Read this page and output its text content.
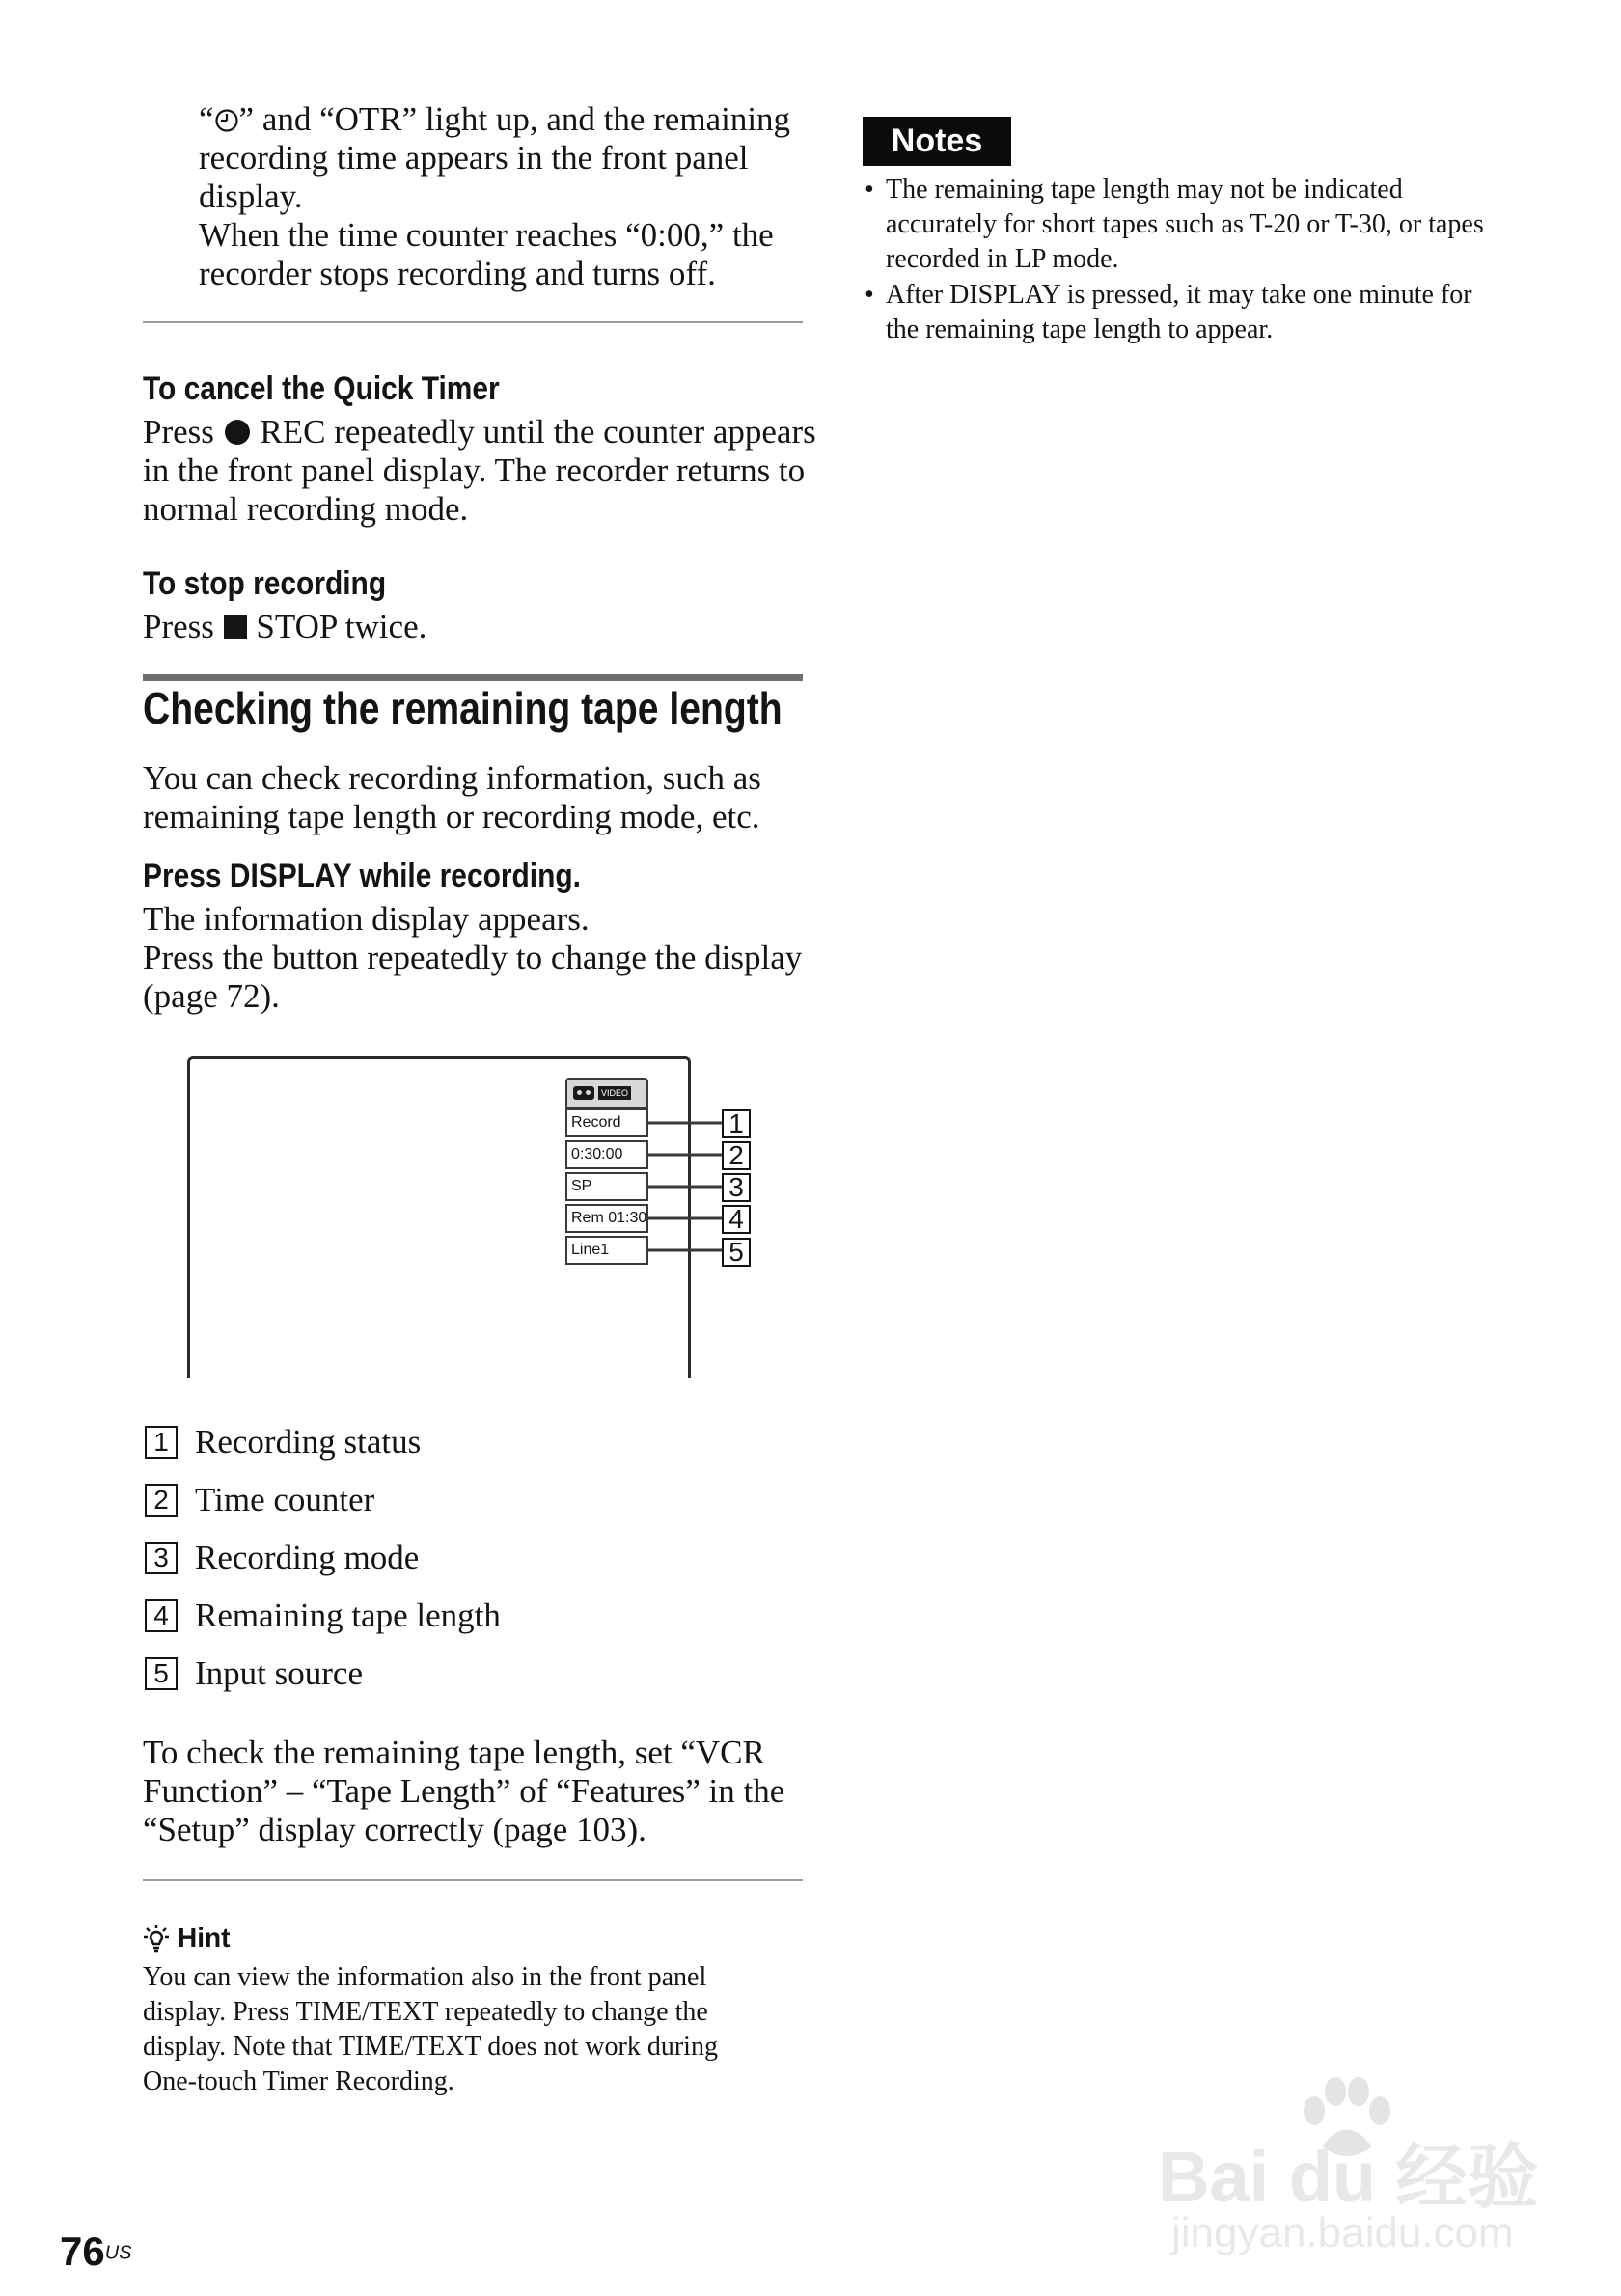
“ ” and “OTR” light up, and the remaining
recording time appears in the front panel
display.
When the time counter reaches “0:00,” the
recorder stops recording and turns off.
To cancel the Quick Timer
Press REC repeatedly until the counter appears
in the front panel display. The recorder returns to
normal recording mode.
To stop recording
Press STOP twice.
Checking the remaining tape length
You can check recording information, such as
remaining tape length or recording mode, etc.
Press DISPLAY while recording.
The information display appears.
Press the button repeatedly to change the display
(page 72).
VIDEO
Record
0:30:00
SP
Rem 01:30
Line1
1
2
3
4
5
1 Recording status
2 Time counter
3 Recording mode
4 Remaining tape length
5 Input source
To check the remaining tape length, set “VCR
Function” – “Tape Length” of “Features” in the
“Setup” display correctly (page 103).
Hint
You can view the information also in the front panel
display. Press TIME/TEXT repeatedly to change the
display. Note that TIME/TEXT does not work during
One-touch Timer Recording.
Notes
• The remaining tape length may not be indicated
accurately for short tapes such as T-20 or T-30, or tapes
recorded in LP mode.
• After DISPLAY is pressed, it may take one minute for
the remaining tape length to appear.
76US
Bai du 经验
jingyan.baidu.com
